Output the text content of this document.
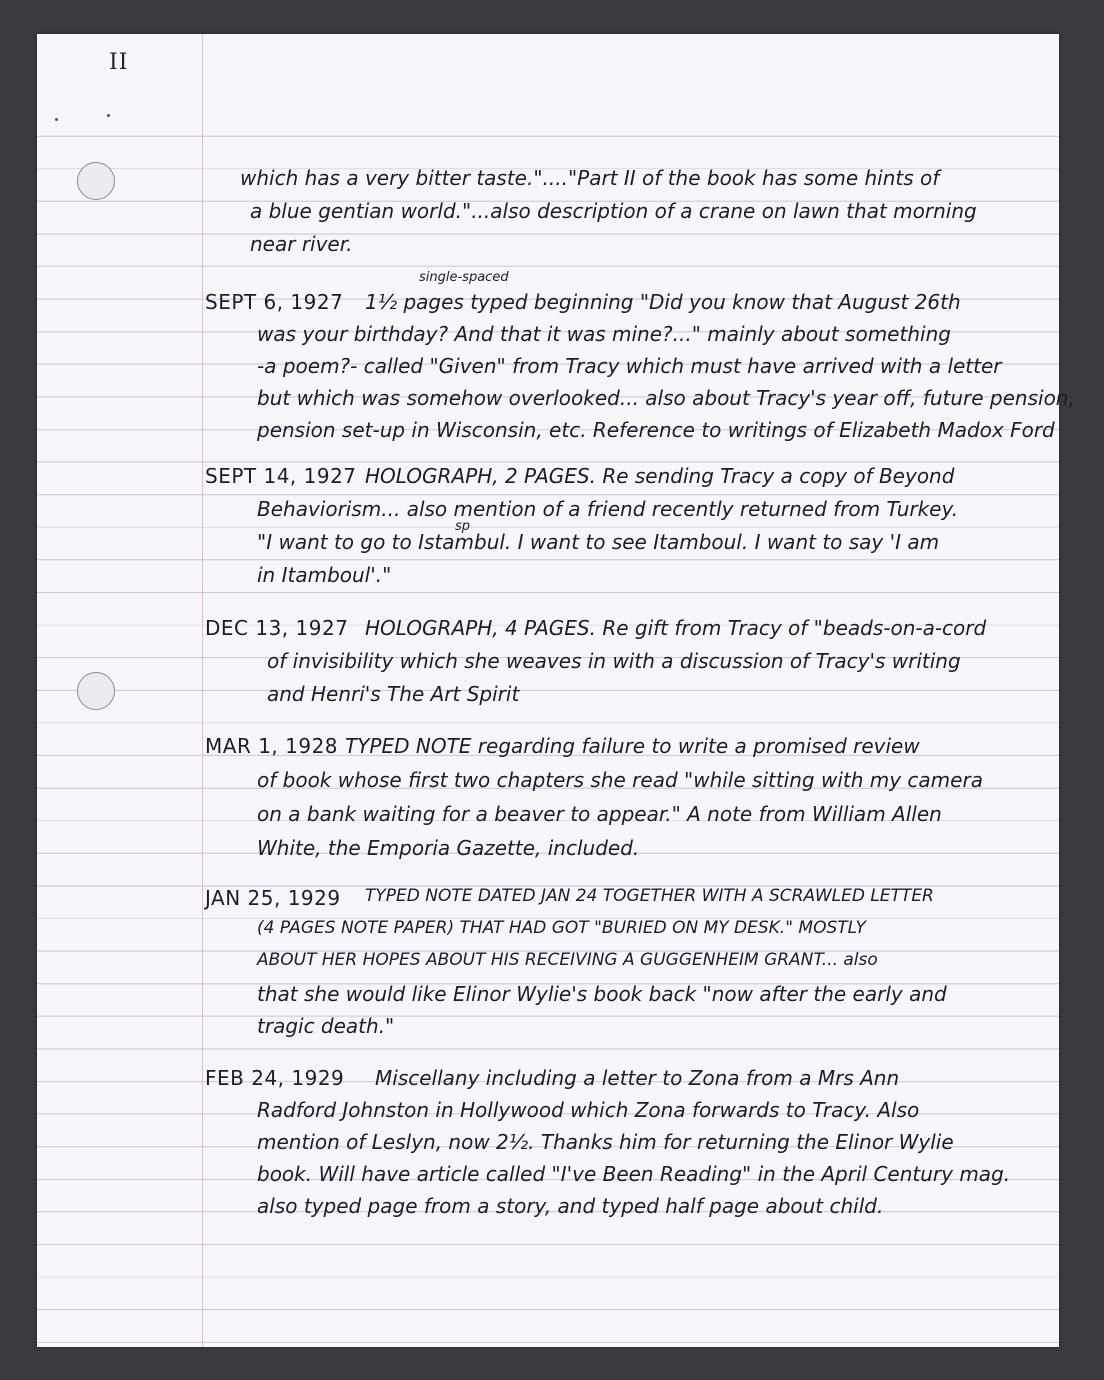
II
which has a very bitter taste."...."Part II of the book has some hints of
a blue gentian world."...also description of a crane on lawn that morning
near river.
SEPT 6, 1927 1½ pages typed beginning "Did you know that August 26th
was your birthday? And that it was mine?..." mainly about something
-a poem?- called "Given" from Tracy which must have arrived with a letter
but which was somehow overlooked... also about Tracy's year off, future pension,
pension set-up in Wisconsin, etc. Reference to writings of Elizabeth Madox Ford
single-spaced
SEPT 14, 1927 HOLOGRAPH, 2 PAGES. Re sending Tracy a copy of Beyond
Behaviorism... also mention of a friend recently returned from Turkey.
"I want to go to Istambul. I want to see Itamboul. I want to say 'I am
in Itamboul'."
sp
DEC 13, 1927 HOLOGRAPH, 4 PAGES. Re gift from Tracy of "beads-on-a-cord
of invisibility which she weaves in with a discussion of Tracy's writing
and Henri's The Art Spirit
MAR 1, 1928 TYPED NOTE regarding failure to write a promised review
of book whose first two chapters she read "while sitting with my camera
on a bank waiting for a beaver to appear." A note from William Allen
White, the Emporia Gazette, included.
JAN 25, 1929 TYPED NOTE DATED JAN 24 TOGETHER WITH A SCRAWLED LETTER
(4 PAGES NOTE PAPER) THAT HAD GOT "BURIED ON MY DESK." MOSTLY
ABOUT HER HOPES ABOUT HIS RECEIVING A GUGGENHEIM GRANT... also
that she would like Elinor Wylie's book back "now after the early and
tragic death."
FEB 24, 1929 Miscellany including a letter to Zona from a Mrs Ann
Radford Johnston in Hollywood which Zona forwards to Tracy. Also
mention of Leslyn, now 2½. Thanks him for returning the Elinor Wylie
book. Will have article called "I've Been Reading" in the April Century mag.
also typed page from a story, and typed half page about child.
